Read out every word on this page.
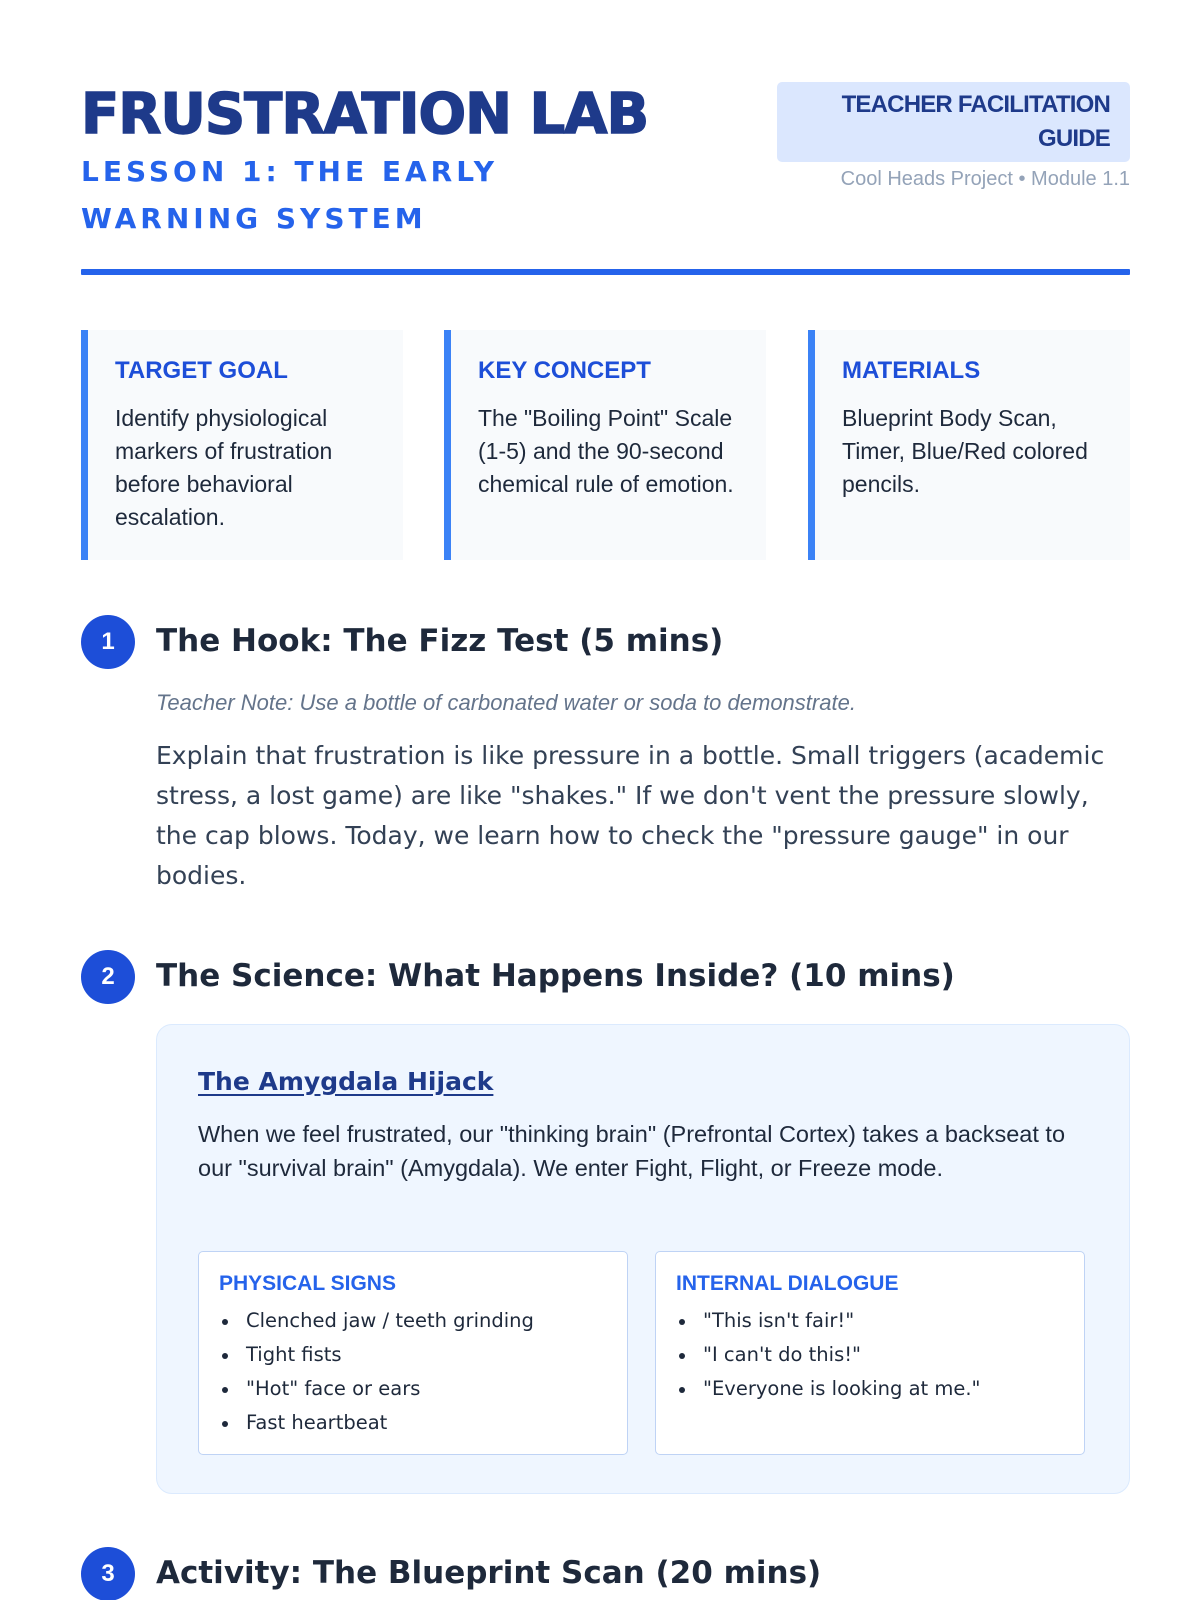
FRUSTRATION LAB
LESSON 1: THE EARLY WARNING SYSTEM
TEACHER FACILITATION GUIDE
Cool Heads Project • Module 1.1
TARGET GOAL
Identify physiological markers of frustration before behavioral escalation.
KEY CONCEPT
The "Boiling Point" Scale (1-5) and the 90-second chemical rule of emotion.
MATERIALS
Blueprint Body Scan, Timer, Blue/Red colored pencils.
1	The Hook: The Fizz Test (5 mins)
Teacher Note: Use a bottle of carbonated water or soda to demonstrate.
Explain that frustration is like pressure in a bottle. Small triggers (academic stress, a lost game) are like "shakes." If we don't vent the pressure slowly, the cap blows. Today, we learn how to check the "pressure gauge" in our bodies.
2	The Science: What Happens Inside? (10 mins)
The Amygdala Hijack
When we feel frustrated, our "thinking brain" (Prefrontal Cortex) takes a backseat to our "survival brain" (Amygdala). We enter Fight, Flight, or Freeze mode.
PHYSICAL SIGNS
Clenched jaw / teeth grinding
Tight fists
"Hot" face or ears
Fast heartbeat
INTERNAL DIALOGUE
"This isn't fair!"
"I can't do this!"
"Everyone is looking at me."
3	Activity: The Blueprint Scan (20 mins)
